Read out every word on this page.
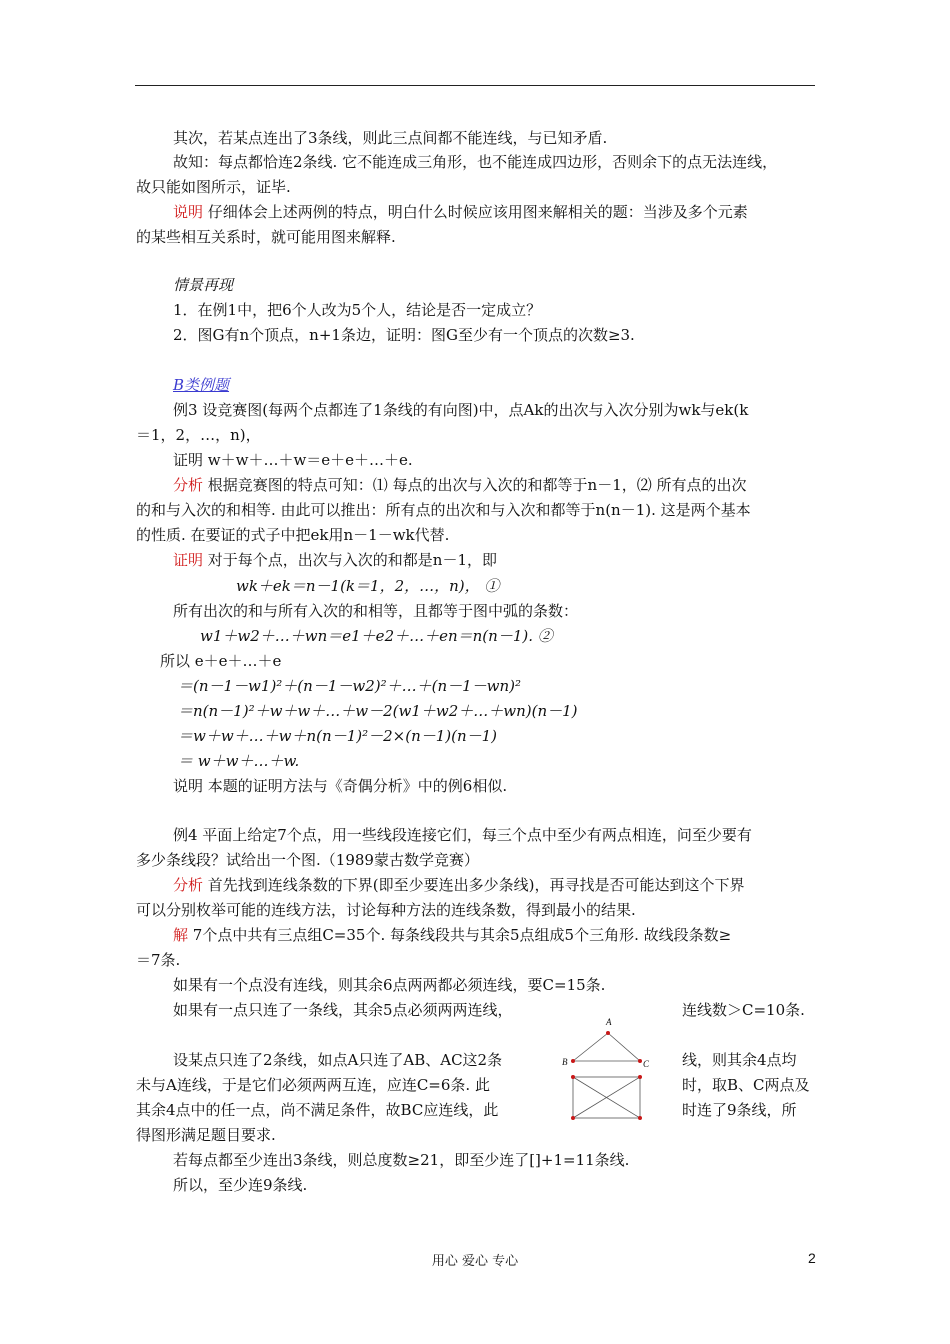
其次，若某点连出了3条线，则此三点间都不能连线，与已知矛盾.
故知：每点都恰连2条线. 它不能连成三角形，也不能连成四边形，否则余下的点无法连线，
故只能如图所示，证毕.
说明 仔细体会上述两例的特点，明白什么时候应该用图来解相关的题：当涉及多个元素
的某些相互关系时，就可能用图来解释.
情景再现
1．在例1中，把6个人改为5个人，结论是否一定成立？
2．图G有n个顶点，n+1条边，证明：图G至少有一个顶点的次数≥3.
B类例题
例3 设竞赛图(每两个点都连了1条线的有向图)中，点Ak的出次与入次分别为wk与ek(k
＝1，2，…，n)，
证明 w＋w＋…＋w＝e＋e＋…＋e.
分析 根据竞赛图的特点可知：⑴ 每点的出次与入次的和都等于n－1，⑵ 所有点的出次
的和与入次的和相等. 由此可以推出：所有点的出次和与入次和都等于n(n－1). 这是两个基本
的性质. 在要证的式子中把ek用n－1－wk代替.
证明 对于每个点，出次与入次的和都是n－1，即
wk＋ek＝n－1(k＝1，2，…，n)， ①
所有出次的和与所有入次的和相等，且都等于图中弧的条数：
w1＋w2＋…＋wn＝e1＋e2＋…＋en＝n(n－1). ②
所以 e＋e＋…＋e
＝(n－1－w1)²＋(n－1－w2)²＋…＋(n－1－wn)²
＝n(n－1)²＋w＋w＋…＋w－2(w1＋w2＋…＋wn)(n－1)
＝w＋w＋…＋w＋n(n－1)²－2×(n－1)(n－1)
＝ w＋w＋…＋w.
说明 本题的证明方法与《奇偶分析》中的例6相似.
例4 平面上给定7个点，用一些线段连接它们，每三个点中至少有两点相连，问至少要有
多少条线段？试给出一个图.（1989蒙古数学竞赛）
分析 首先找到连线条数的下界(即至少要连出多少条线)，再寻找是否可能达到这个下界
可以分别枚举可能的连线方法，讨论每种方法的连线条数，得到最小的结果.
解 7个点中共有三点组C=35个. 每条线段共与其余5点组成5个三角形. 故线段条数≥
＝7条.
如果有一个点没有连线，则其余6点两两都必须连线，要C=15条.
如果有一点只连了一条线，其余5点必须两两连线，	连线数＞C=10条.
设某点只连了2条线，如点A只连了AB、AC这2条	线，则其余4点均
未与A连线，于是它们必须两两互连，应连C=6条. 此	时，取B、C两点及
其余4点中的任一点，尚不满足条件，故BC应连线，此	时连了9条线，所
得图形满足题目要求.
若每点都至少连出3条线，则总度数≥21，即至少连了[]+1=11条线.
所以，至少连9条线.
A
B	C
用心 爱心 专心	2
